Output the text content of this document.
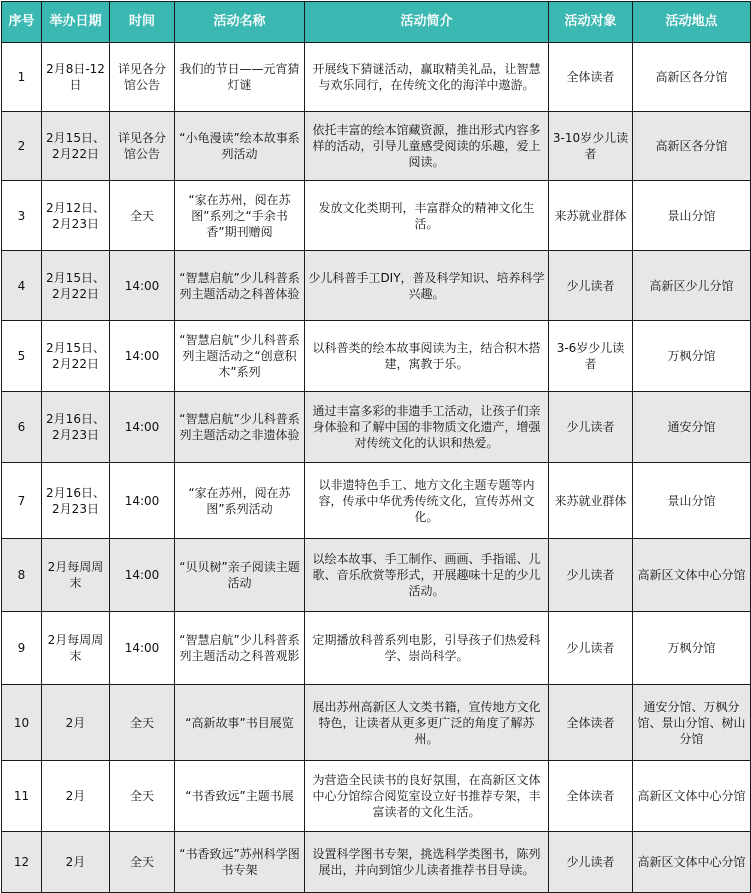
序号	举办日期	时间	活动名称	活动简介	活动对象	活动地点
1	2月8日-12日	详见各分馆公告	我们的节日——元宵猜灯谜	开展线下猜谜活动，赢取精美礼品，让智慧与欢乐同行，在传统文化的海洋中遨游。	全体读者	高新区各分馆
2	2月15日、2月22日	详见各分馆公告	“小龟漫读”绘本故事系列活动	依托丰富的绘本馆藏资源，推出形式内容多样的活动，引导儿童感受阅读的乐趣，爱上阅读。	3-10岁少儿读者	高新区各分馆
3	2月12日、2月23日	全天	“家在苏州，阅在苏图”系列之“手余书香”期刊赠阅	发放文化类期刊，丰富群众的精神文化生活。	来苏就业群体	景山分馆
4	2月15日、2月22日	14:00	“智慧启航”少儿科普系列主题活动之科普体验	少儿科普手工DIY，普及科学知识、培养科学兴趣。	少儿读者	高新区少儿分馆
5	2月15日、2月22日	14:00	“智慧启航”少儿科普系列主题活动之“创意积木”系列	以科普类的绘本故事阅读为主，结合积木搭建，寓教于乐。	3-6岁少儿读者	万枫分馆
6	2月16日、2月23日	14:00	“智慧启航”少儿科普系列主题活动之非遗体验	通过丰富多彩的非遗手工活动，让孩子们亲身体验和了解中国的非物质文化遗产，增强对传统文化的认识和热爱。	少儿读者	通安分馆
7	2月16日、2月23日	14:00	“家在苏州，阅在苏图”系列活动	以非遗特色手工、地方文化主题专题等内容，传承中华优秀传统文化，宣传苏州文化。	来苏就业群体	景山分馆
8	2月每周周末	14:00	“贝贝树”亲子阅读主题活动	以绘本故事、手工制作、画画、手指谣、儿歌、音乐欣赏等形式，开展趣味十足的少儿活动。	少儿读者	高新区文体中心分馆
9	2月每周周末	14:00	“智慧启航”少儿科普系列主题活动之科普观影	定期播放科普系列电影，引导孩子们热爱科学、崇尚科学。	少儿读者	万枫分馆
10	2月	全天	“高新故事”书目展览	展出苏州高新区人文类书籍，宣传地方文化特色，让读者从更多更广泛的角度了解苏州。	全体读者	通安分馆、万枫分馆、景山分馆、树山分馆
11	2月	全天	“书香致远”主题书展	为营造全民读书的良好氛围，在高新区文体中心分馆综合阅览室设立好书推荐专架，丰富读者的文化生活。	全体读者	高新区文体中心分馆
12	2月	全天	“书香致远”苏州科学图书专架	设置科学图书专架，挑选科学类图书，陈列展出，并向到馆少儿读者推荐书目导读。	少儿读者	高新区文体中心分馆
